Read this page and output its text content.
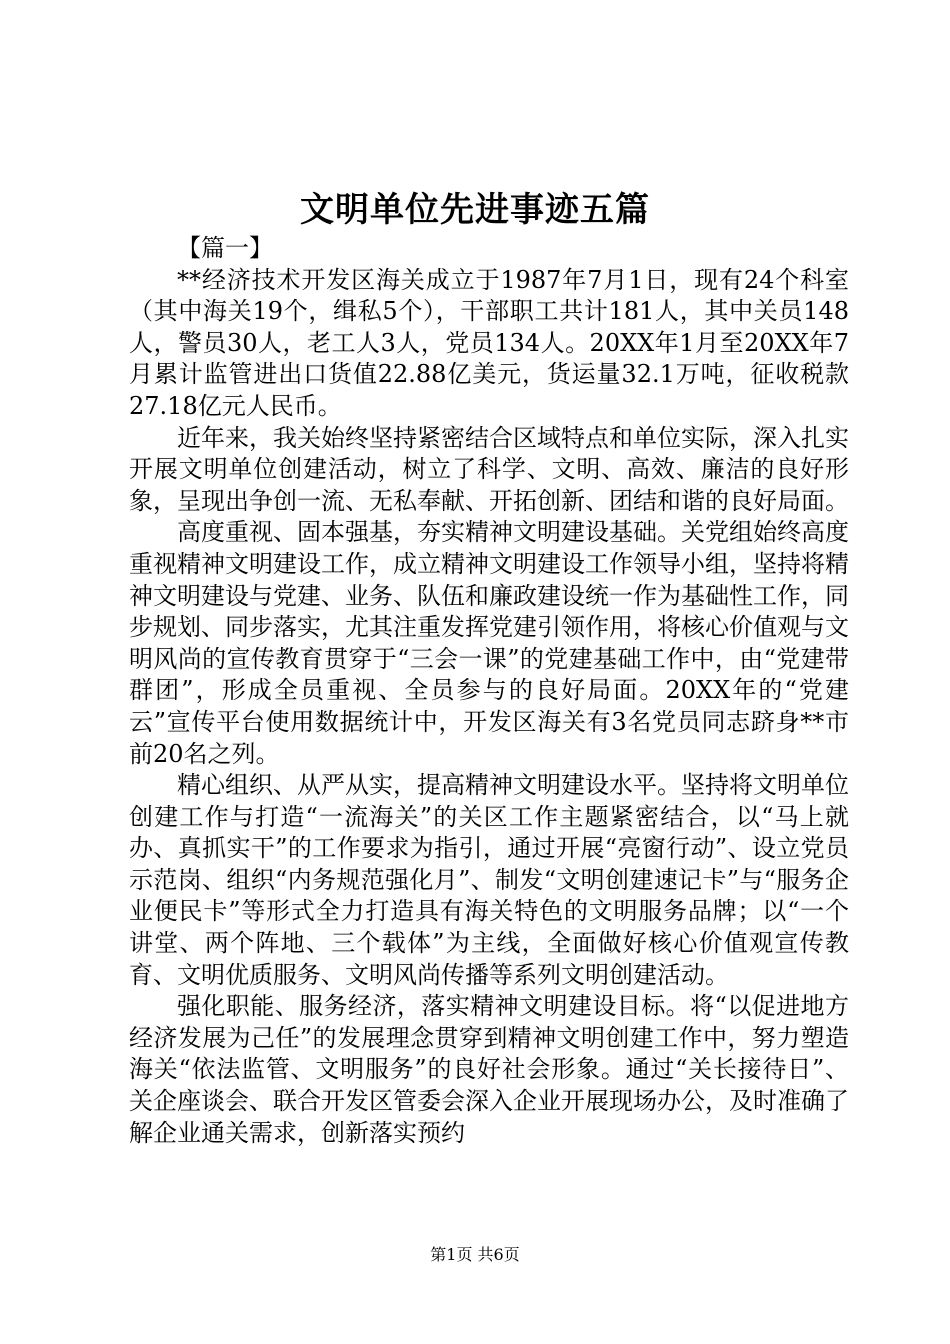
文明单位先进事迹五篇

【篇一】

**经济技术开发区海关成立于1987年7月1日，现有24个科室（其中海关19个，缉私5个），干部职工共计181人，其中关员148人，警员30人，老工人3人，党员134人。20XX年1月至20XX年7月累计监管进出口货值22.88亿美元，货运量32.1万吨，征收税款27.18亿元人民币。

近年来，我关始终坚持紧密结合区域特点和单位实际，深入扎实开展文明单位创建活动，树立了科学、文明、高效、廉洁的良好形象，呈现出争创一流、无私奉献、开拓创新、团结和谐的良好局面。

高度重视、固本强基，夯实精神文明建设基础。关党组始终高度重视精神文明建设工作，成立精神文明建设工作领导小组，坚持将精神文明建设与党建、业务、队伍和廉政建设统一作为基础性工作，同步规划、同步落实，尤其注重发挥党建引领作用，将核心价值观与文明风尚的宣传教育贯穿于“三会一课”的党建基础工作中，由“党建带群团”，形成全员重视、全员参与的良好局面。20XX年的“党建云”宣传平台使用数据统计中，开发区海关有3名党员同志跻身**市前20名之列。

精心组织、从严从实，提高精神文明建设水平。坚持将文明单位创建工作与打造“一流海关”的关区工作主题紧密结合，以“马上就办、真抓实干”的工作要求为指引，通过开展“亮窗行动”、设立党员示范岗、组织“内务规范强化月”、制发“文明创建速记卡”与“服务企业便民卡”等形式全力打造具有海关特色的文明服务品牌；以“一个讲堂、两个阵地、三个载体”为主线，全面做好核心价值观宣传教育、文明优质服务、文明风尚传播等系列文明创建活动。

强化职能、服务经济，落实精神文明建设目标。将“以促进地方经济发展为己任”的发展理念贯穿到精神文明创建工作中，努力塑造海关“依法监管、文明服务”的良好社会形象。通过“关长接待日”、关企座谈会、联合开发区管委会深入企业开展现场办公，及时准确了解企业通关需求，创新落实预约

第1页 共6页
